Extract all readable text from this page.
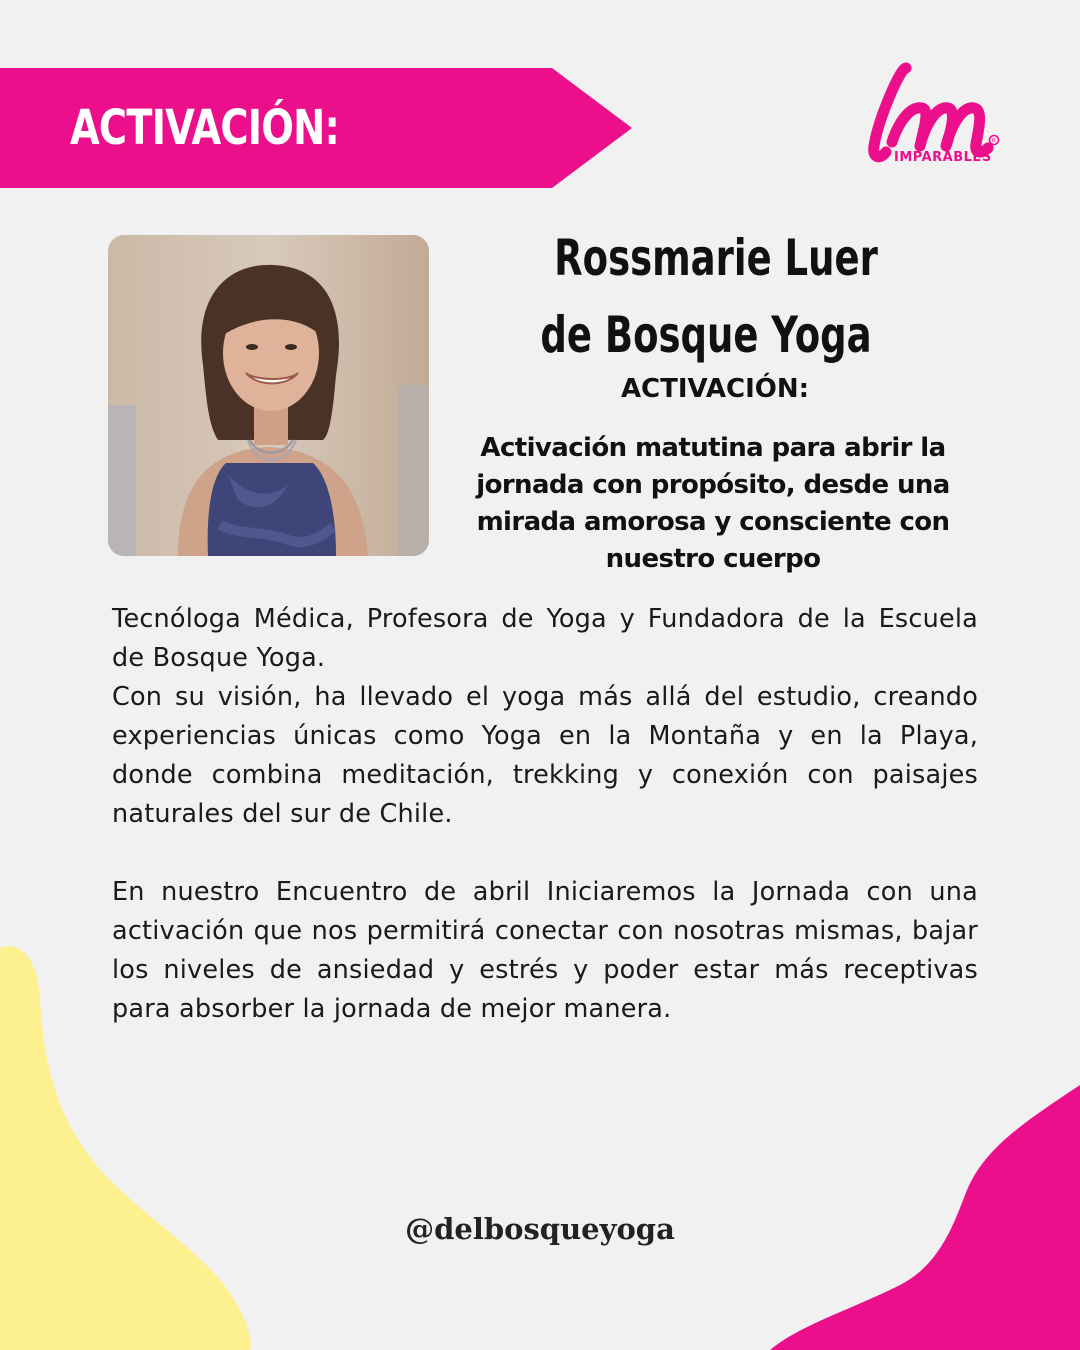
ACTIVACIÓN:	R
IMPARABLES
Rossmarie Luer
de Bosque Yoga
ACTIVACIÓN:
Activación matutina para abrir la jornada con propósito, desde una mirada amorosa y consciente con nuestro cuerpo
Tecnóloga Médica, Profesora de Yoga y Fundadora de la Escuela de Bosque Yoga.
Con su visión, ha llevado el yoga más allá del estudio, creando experiencias únicas como Yoga en la Montaña y en la Playa, donde combina meditación, trekking y conexión con paisajes naturales del sur de Chile.
En nuestro Encuentro de abril Iniciaremos la Jornada con una activación que nos permitirá conectar con nosotras mismas, bajar los niveles de ansiedad y estrés y poder estar más receptivas para absorber la jornada de mejor manera.
@delbosqueyoga
